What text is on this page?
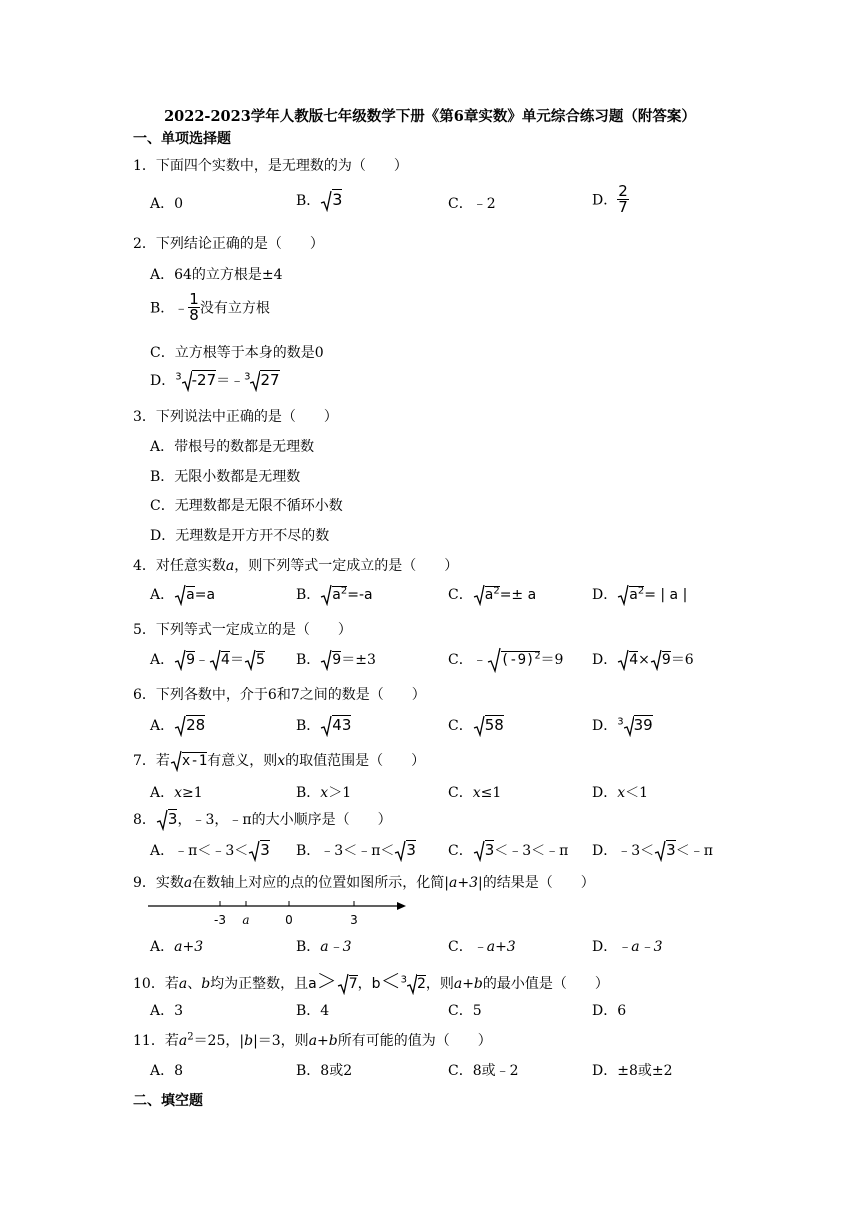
2022-2023学年人教版七年级数学下册《第6章实数》单元综合练习题（附答案）
一、单项选择题
1．下面四个实数中，是无理数的为（　　）
A．0	B． 3	C．﹣2	D． $\frac{2}{7}$
2．下列结论正确的是（　　）
A．64的立方根是±4
B．﹣ $\frac{1}{8}$ 没有立方根
C．立方根等于本身的数是0
D．$^3$ -27＝﹣$^3$ 27
3．下列说法中正确的是（　　）
A．带根号的数都是无理数
B．无限小数都是无理数
C．无理数都是无限不循环小数
D．无理数是开方开不尽的数
4．对任意实数a，则下列等式一定成立的是（　　）
A． a=a	B． $a^2=-a$	C． $a^2=\pm a$	D． $a^2=$ | a |
5．下列等式一定成立的是（　　）
A． 9﹣ 4＝ 5 B． 9＝±3	C．﹣ $(-9)^2=9$ D． 4× 9＝6
6．下列各数中，介于6和7之间的数是（　　）
A． 28	B． 43	C． 58	D．$^3$ 39
7．若 x-1有意义，则x的取值范围是（　　）
A．x≥1	B．x＞1	C．x≤1	D．x＜1
8． 3，﹣3，﹣π的大小顺序是（　　）
A．﹣π＜﹣3＜ 3 B．﹣3＜﹣π＜ 3 C． 3＜﹣3＜﹣π D．﹣3＜ 3＜﹣π
9．实数a在数轴上对应的点的位置如图所示，化简|a+3|的结果是（　　）
-3 a	0	3
A．a+3	B．a﹣3	C．﹣a+3	D．﹣a﹣3
10．若a、b均为正整数，且a＞ 7，b＜$^3$ 2，则a+b的最小值是（　　）
A．3	B．4	C．5	D．6
11．若$a^2=25$，|b|＝3，则a+b所有可能的值为（　　）
A．8	B．8或2	C．8或﹣2	D．±8或±2
二、填空题
